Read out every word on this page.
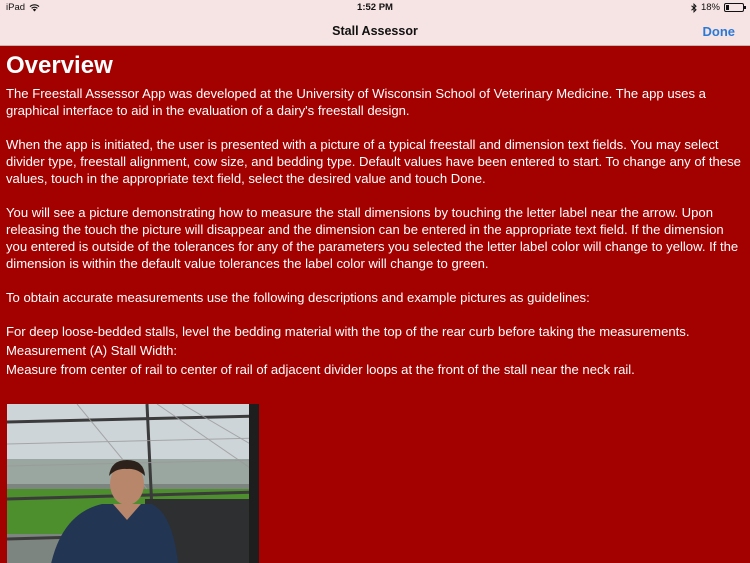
iPad	1:52 PM	18%
Stall Assessor	Done
Overview

The Freestall Assessor App was developed at the University of Wisconsin School of Veterinary Medicine. The app uses a graphical interface to aid in the evaluation of a dairy's freestall design.

When the app is initiated, the user is presented with a picture of a typical freestall and dimension text fields. You may select divider type, freestall alignment, cow size, and bedding type. Default values have been entered to start. To change any of these values, touch in the appropriate text field, select the desired value and touch Done.

You will see a picture demonstrating how to measure the stall dimensions by touching the letter label near the arrow. Upon releasing the touch the picture will disappear and the dimension can be entered in the appropriate text field. If the dimension you entered is outside of the tolerances for any of the parameters you selected the letter label color will change to yellow. If the dimension is within the default value tolerances the label color will change to green.

To obtain accurate measurements use the following descriptions and example pictures as guidelines:

For deep loose-bedded stalls, level the bedding material with the top of the rear curb before taking the measurements.

Measurement (A) Stall Width:

Measure from center of rail to center of rail of adjacent divider loops at the front of the stall near the neck rail.
